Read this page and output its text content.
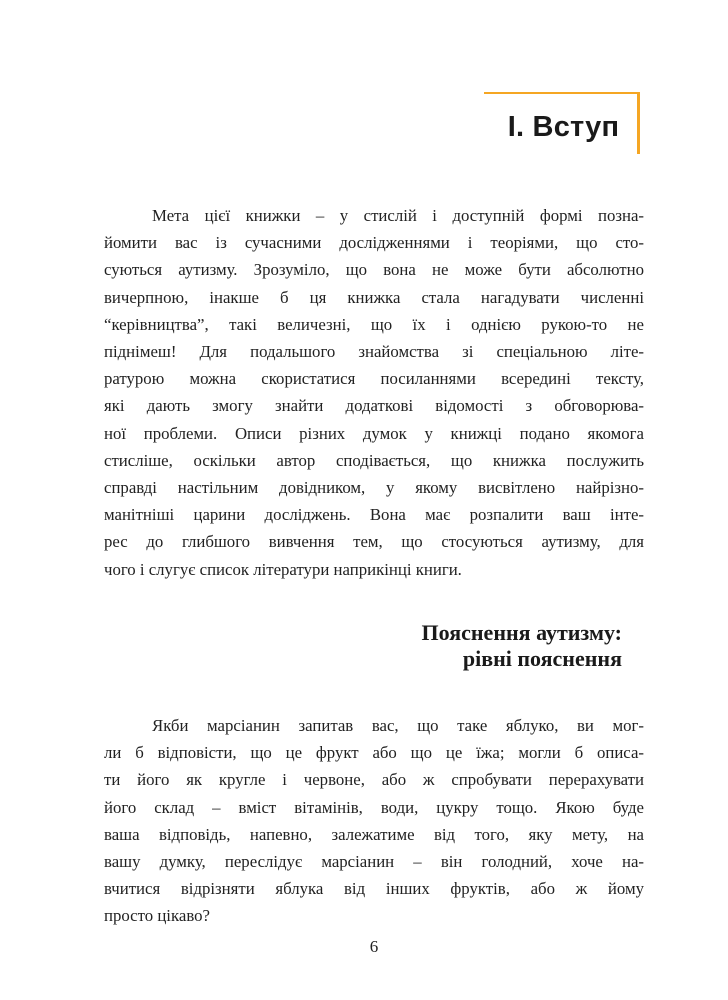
I. Вступ
Мета цієї книжки – у стислій і доступній формі позна-
йомити вас із сучасними дослідженнями і теоріями, що сто-
суються аутизму. Зрозуміло, що вона не може бути абсолютно
вичерпною, інакше б ця книжка стала нагадувати численні
“керівництва”, такі величезні, що їх і однією рукою-то не
піднімеш! Для подальшого знайомства зі спеціальною літе-
ратурою можна скористатися посиланнями всередині тексту,
які дають змогу знайти додаткові відомості з обговорюва-
ної проблеми. Описи різних думок у книжці подано якомога
стисліше, оскільки автор сподівається, що книжка послужить
справді настільним довідником, у якому висвітлено найрізно-
манітніші царини досліджень. Вона має розпалити ваш інте-
рес до глибшого вивчення тем, що стосуються аутизму, для
чого і слугує список літератури наприкінці книги.
Пояснення аутизму:
рівні пояснення
Якби марсіанин запитав вас, що таке яблуко, ви мог-
ли б відповісти, що це фрукт або що це їжа; могли б описа-
ти його як кругле і червоне, або ж спробувати перерахувати
його склад – вміст вітамінів, води, цукру тощо. Якою буде
ваша відповідь, напевно, залежатиме від того, яку мету, на
вашу думку, переслідує марсіанин – він голодний, хоче на-
вчитися відрізняти яблука від інших фруктів, або ж йому
просто цікаво?
6
